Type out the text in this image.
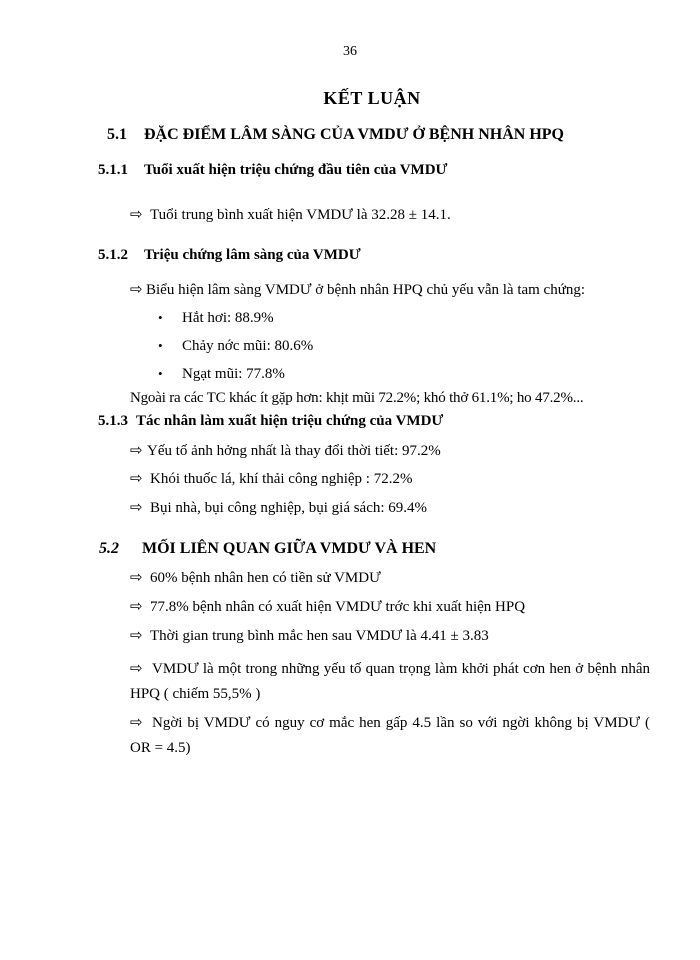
36
KẾT LUẬN
5.1 ĐẶC ĐIỂM LÂM SÀNG CỦA VMDƯ Ở BỆNH NHÂN HPQ
5.1.1 Tuổi xuất hiện triệu chứng đầu tiên của VMDƯ
⇨ Tuổi trung bình xuất hiện VMDƯ là 32.28 ± 14.1.
5.1.2 Triệu chứng lâm sàng của VMDƯ
⇨ Biểu hiện lâm sàng VMDƯ ở bệnh nhân HPQ chủ yếu vẫn là tam chứng:
• Hắt hơi: 88.9%
• Chảy nớc mũi: 80.6%
• Ngạt mũi: 77.8%
Ngoài ra các TC khác ít gặp hơn: khịt mũi 72.2%; khó thở 61.1%; ho 47.2%...
5.1.3 Tác nhân làm xuất hiện triệu chứng của VMDƯ
⇨ Yếu tố ảnh hởng nhất là thay đổi thời tiết: 97.2%
⇨ Khói thuốc lá, khí thải công nghiệp : 72.2%
⇨ Bụi nhà, bụi công nghiệp, bụi giá sách: 69.4%
5.2 MỐI LIÊN QUAN GIỮA VMDƯ VÀ HEN
⇨ 60% bệnh nhân hen có tiền sử VMDƯ
⇨ 77.8% bệnh nhân có xuất hiện VMDƯ trớc khi xuất hiện HPQ
⇨ Thời gian trung bình mắc hen sau VMDƯ là 4.41 ± 3.83
⇨ VMDƯ là một trong những yếu tố quan trọng làm khởi phát cơn hen ở bệnh nhân HPQ ( chiếm 55,5% )
⇨ Ngời bị VMDƯ có nguy cơ mắc hen gấp 4.5 lần so với ngời không bị VMDƯ ( OR = 4.5)
